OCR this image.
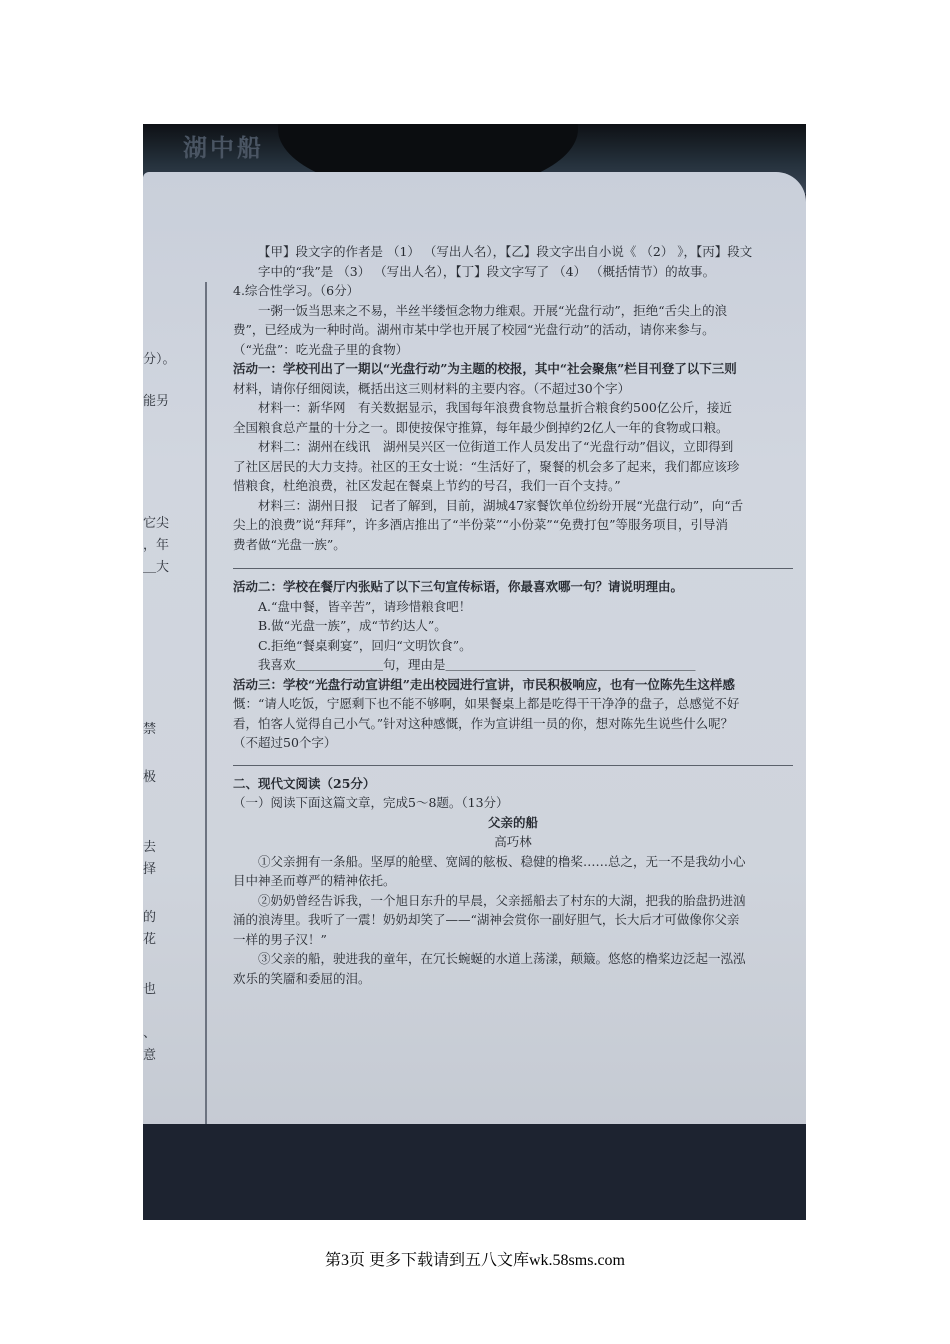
湖中船
分）。
能另
它尖
，年
＿大
禁
极
去
择
的
花
也
、
意

【甲】段文字的作者是 （1） （写出人名），【乙】段文字出自小说《 （2） 》，【丙】段文

字中的“我”是 （3） （写出人名），【丁】段文字写了 （4） （概括情节）的故事。

4.综合性学习。（6分）

一粥一饭当思来之不易，半丝半缕恒念物力维艰。开展“光盘行动”，拒绝“舌尖上的浪

费”，已经成为一种时尚。湖州市某中学也开展了校园“光盘行动”的活动，请你来参与。

（“光盘”：吃光盘子里的食物）

活动一：学校刊出了一期以“光盘行动”为主题的校报，其中“社会聚焦”栏目刊登了以下三则

材料，请你仔细阅读，概括出这三则材料的主要内容。（不超过30个字）

材料一：新华网　有关数据显示，我国每年浪费食物总量折合粮食约500亿公斤，接近

全国粮食总产量的十分之一。即使按保守推算，每年最少倒掉约2亿人一年的食物或口粮。

材料二：湖州在线讯　湖州吴兴区一位街道工作人员发出了“光盘行动”倡议，立即得到

了社区居民的大力支持。社区的王女士说：“生活好了，聚餐的机会多了起来，我们都应该珍

惜粮食，杜绝浪费，社区发起在餐桌上节约的号召，我们一百个支持。”

材料三：湖州日报　记者了解到，目前，湖城47家餐饮单位纷纷开展“光盘行动”，向“舌

尖上的浪费”说“拜拜”，许多酒店推出了“半份菜”“小份菜”“免费打包”等服务项目，引导消

费者做“光盘一族”。

活动二：学校在餐厅内张贴了以下三句宣传标语，你最喜欢哪一句？请说明理由。

A.“盘中餐，皆辛苦”，请珍惜粮食吧！

B.做“光盘一族”，成“节约达人”。

C.拒绝“餐桌剩宴”，回归“文明饮食”。

我喜欢＿＿＿＿＿＿＿句，理由是＿＿＿＿＿＿＿＿＿＿＿＿＿＿＿＿＿＿＿＿

活动三：学校“光盘行动宣讲组”走出校园进行宣讲，市民积极响应，也有一位陈先生这样感

慨：“请人吃饭，宁愿剩下也不能不够啊，如果餐桌上都是吃得干干净净的盘子，总感觉不好

看，怕客人觉得自己小气。”针对这种感慨，作为宣讲组一员的你，想对陈先生说些什么呢？

（不超过50个字）

二、现代文阅读（25分）

（一）阅读下面这篇文章，完成5～8题。（13分）

父亲的船

高巧林

①父亲拥有一条船。坚厚的舱壁、宽阔的舷板、稳健的橹桨……总之，无一不是我幼小心

目中神圣而尊严的精神依托。

②奶奶曾经告诉我，一个旭日东升的早晨，父亲摇船去了村东的大湖，把我的胎盘扔进汹

涌的浪涛里。我听了一震！奶奶却笑了——“湖神会赏你一副好胆气，长大后才可做像你父亲

一样的男子汉！”

③父亲的船，驶进我的童年，在冗长蜿蜒的水道上荡漾，颠簸。悠悠的橹桨边泛起一泓泓

欢乐的笑靥和委屈的泪。

第3页 更多下载请到五八文库wk.58sms.com
